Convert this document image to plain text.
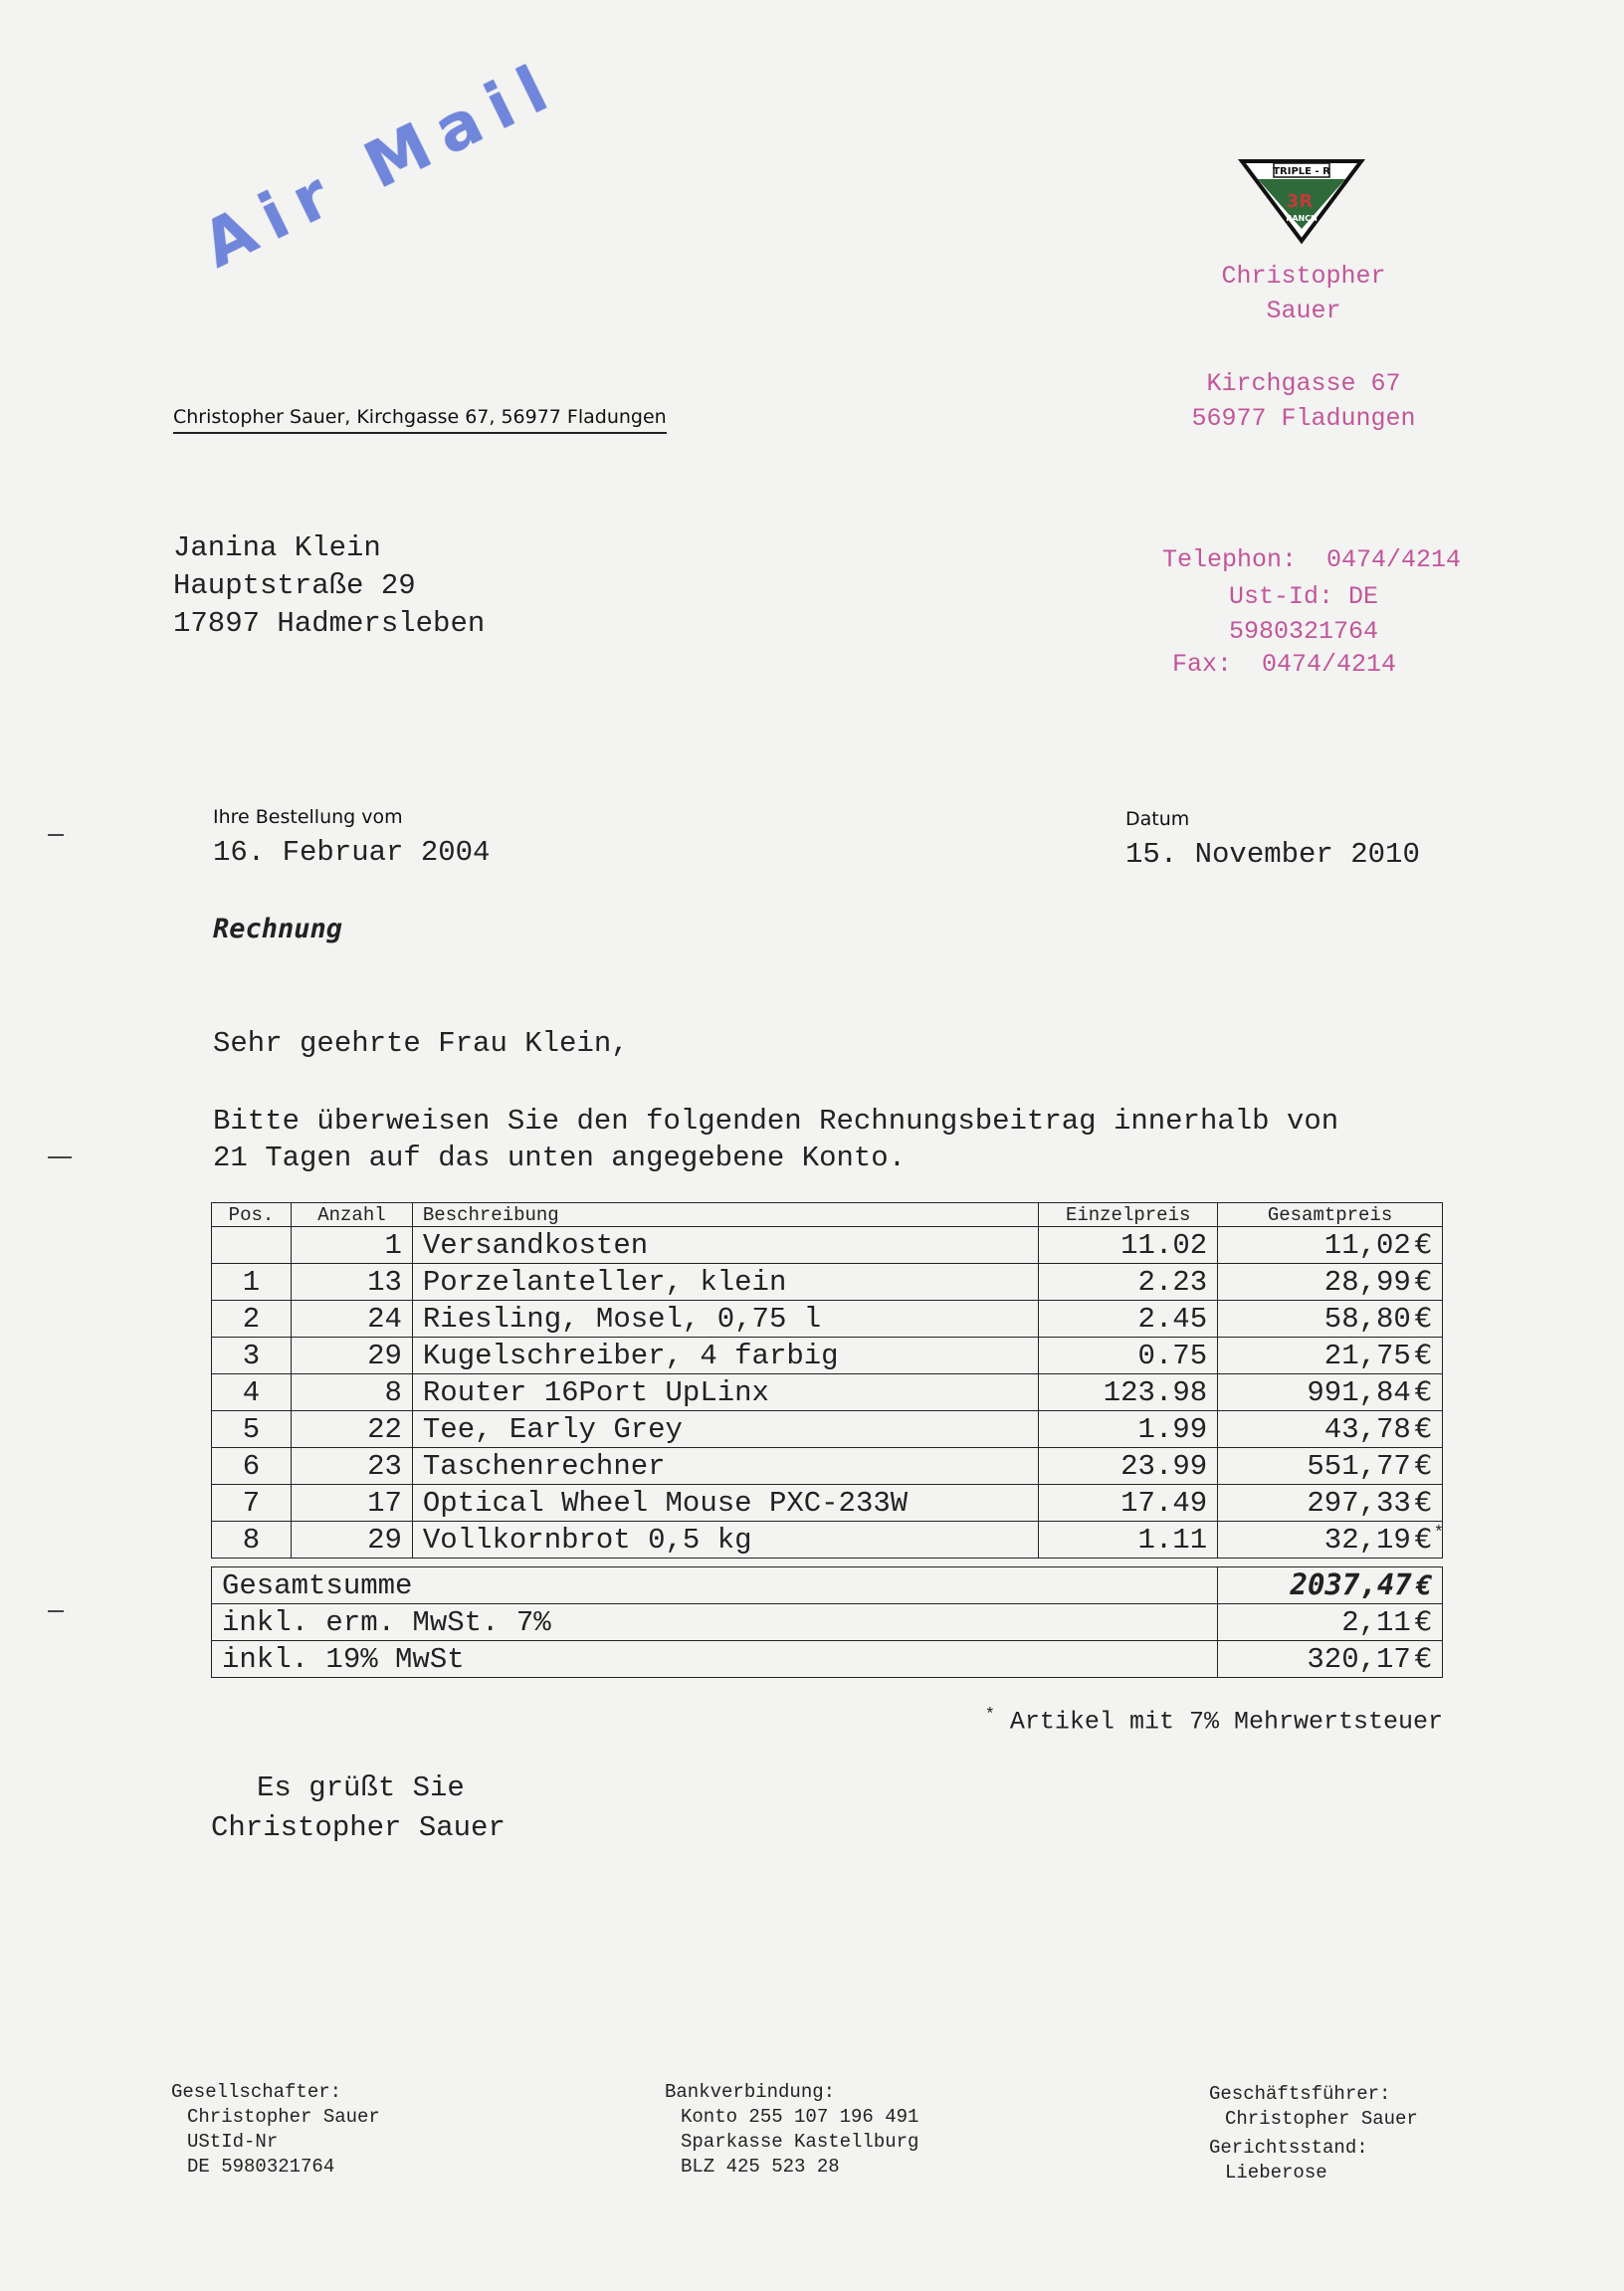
Air Mail	TRIPLE - R
3R
RANCH
Christopher
Sauer
Kirchgasse 67
56977 Fladungen

Telephon:  0474/4214

Fax:  0474/4214

Ust-Id: DE
5980321764
Christopher Sauer, Kirchgasse 67, 56977 Fladungen
Janina Klein
Hauptstraße 29
17897 Hadmersleben
Ihre Bestellung vom
16. Februar 2004
Datum
15. November 2010
Rechnung
Sehr geehrte Frau Klein,
Bitte überweisen Sie den folgenden Rechnungsbeitrag innerhalb von
21 Tagen auf das unten angegebene Konto.
Pos.	Anzahl	Beschreibung	Einzelpreis	Gesamtpreis
	1	Versandkosten	11.02	11,02 €
1	13	Porzelanteller, klein	2.23	28,99 €
2	24	Riesling, Mosel, 0,75 l	2.45	58,80 €
3	29	Kugelschreiber, 4 farbig	0.75	21,75 €
4	8	Router 16Port UpLinx	123.98	991,84 €
5	22	Tee, Early Grey	1.99	43,78 €
6	23	Taschenrechner	23.99	551,77 €
7	17	Optical Wheel Mouse PXC-233W	17.49	297,33 €
8	29	Vollkornbrot 0,5 kg	1.11	32,19 € *
Gesamtsumme	2037,47 €
inkl. erm. MwSt. 7%	2,11 €
inkl. 19% MwSt	320,17 €
* Artikel mit 7% Mehrwertsteuer
Es grüßt Sie
Christopher Sauer
Gesellschafter:
Christopher Sauer
UStId-Nr
DE 5980321764
Bankverbindung:
Konto 255 107 196 491
Sparkasse Kastellburg
BLZ 425 523 28
Geschäftsführer:
Christopher Sauer
Gerichtsstand:
Lieberose
